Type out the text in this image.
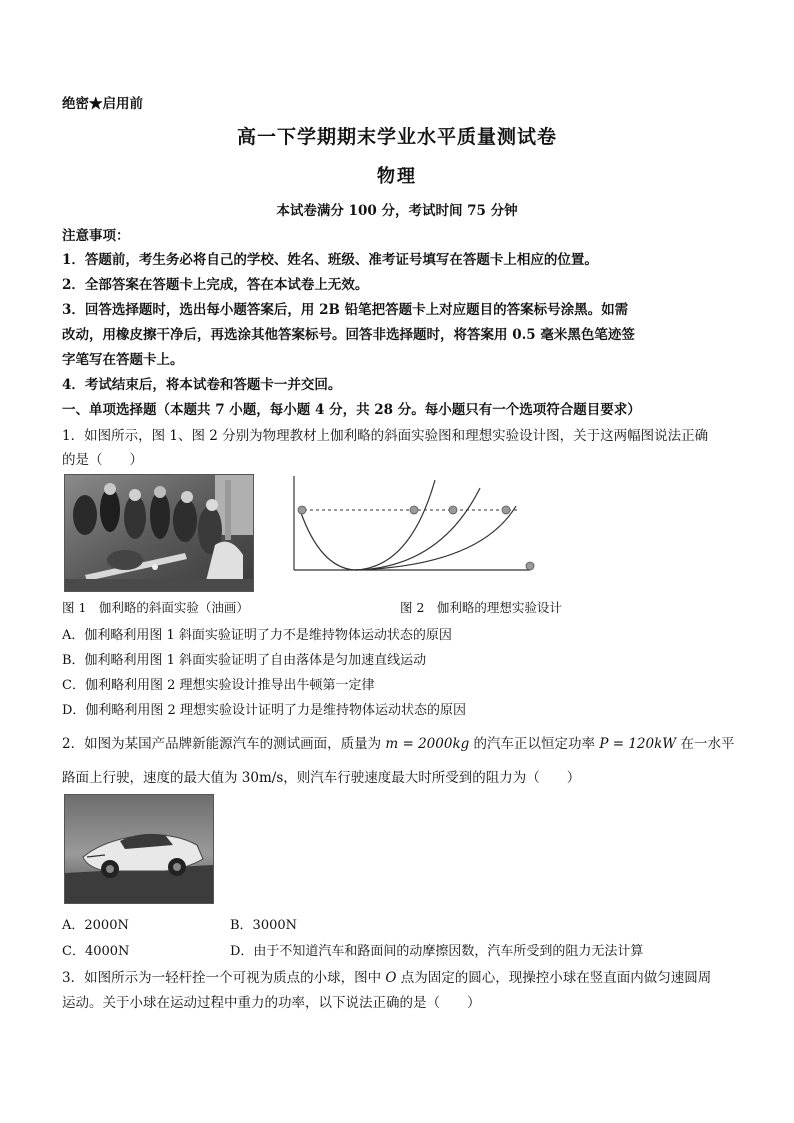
绝密★启用前
高一下学期期末学业水平质量测试卷
物理
本试卷满分 100 分，考试时间 75 分钟
注意事项：
1．答题前，考生务必将自己的学校、姓名、班级、准考证号填写在答题卡上相应的位置。
2．全部答案在答题卡上完成，答在本试卷上无效。
3．回答选择题时，选出每小题答案后，用 2B 铅笔把答题卡上对应题目的答案标号涂黑。如需
改动，用橡皮擦干净后，再选涂其他答案标号。回答非选择题时，将答案用 0.5 毫米黑色笔迹签
字笔写在答题卡上。
4．考试结束后，将本试卷和答题卡一并交回。
一、单项选择题（本题共 7 小题，每小题 4 分，共 28 分。每小题只有一个选项符合题目要求）
1．如图所示，图 1、图 2 分别为物理教材上伽利略的斜面实验图和理想实验设计图，关于这两幅图说法正确
的是（　　）
图 1　伽利略的斜面实验（油画）	图 2　伽利略的理想实验设计
A．伽利略利用图 1 斜面实验证明了力不是维持物体运动状态的原因
B．伽利略利用图 1 斜面实验证明了自由落体是匀加速直线运动
C．伽利略利用图 2 理想实验设计推导出牛顿第一定律
D．伽利略利用图 2 理想实验设计证明了力是维持物体运动状态的原因
2．如图为某国产品牌新能源汽车的测试画面，质量为 m = 2000kg 的汽车正以恒定功率 P = 120kW 在一水平
路面上行驶，速度的最大值为 30m/s，则汽车行驶速度最大时所受到的阻力为（　　）
A．2000N	B．3000N
C．4000N	D．由于不知道汽车和路面间的动摩擦因数，汽车所受到的阻力无法计算
3．如图所示为一轻杆拴一个可视为质点的小球，图中 O 点为固定的圆心，现操控小球在竖直面内做匀速圆周
运动。关于小球在运动过程中重力的功率，以下说法正确的是（　　）
